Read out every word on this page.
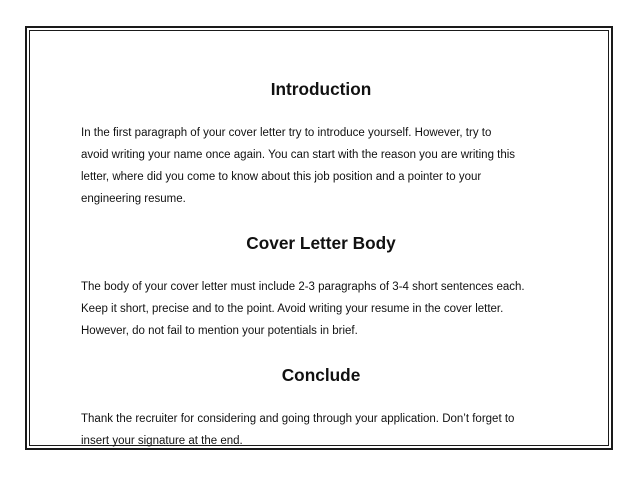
Introduction
In the first paragraph of your cover letter try to introduce yourself. However, try to
avoid writing your name once again. You can start with the reason you are writing this
letter, where did you come to know about this job position and a pointer to your
engineering resume.
Cover Letter Body
The body of your cover letter must include 2-3 paragraphs of 3-4 short sentences each.
Keep it short, precise and to the point. Avoid writing your resume in the cover letter.
However, do not fail to mention your potentials in brief.
Conclude
Thank the recruiter for considering and going through your application. Don’t forget to
insert your signature at the end.
